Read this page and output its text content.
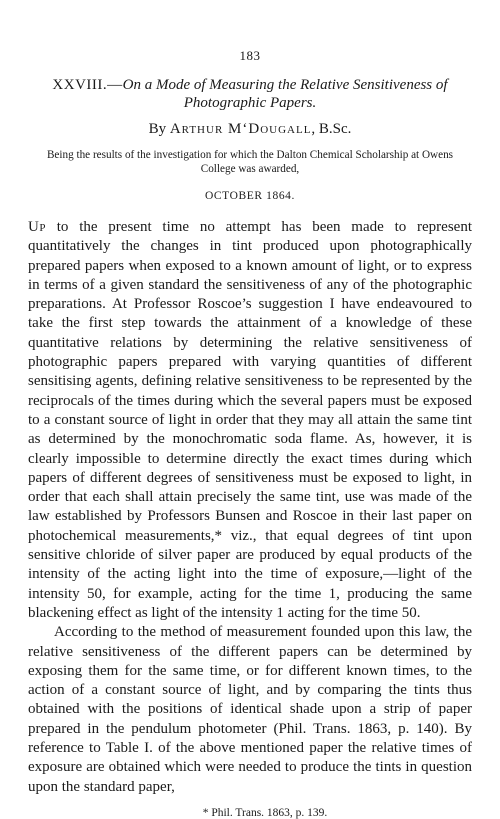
183
XXVIII.—On a Mode of Measuring the Relative Sensitiveness of
Photographic Papers.
By Arthur M‘Dougall, B.Sc.
Being the results of the investigation for which the Dalton Chemical Scholarship at Owens College was awarded,
OCTOBER 1864.

Up to the present time no attempt has been made to represent quantitatively the changes in tint produced upon photographically prepared papers when exposed to a known amount of light, or to express in terms of a given standard the sensitiveness of any of the photographic preparations. At Professor Roscoe’s suggestion I have endeavoured to take the first step towards the attainment of a knowledge of these quantitative relations by determining the relative sensitiveness of photographic papers prepared with varying quantities of different sensitising agents, defining relative sensitiveness to be represented by the reciprocals of the times during which the several papers must be exposed to a constant source of light in order that they may all attain the same tint as determined by the monochromatic soda flame. As, however, it is clearly impossible to determine directly the exact times during which papers of different degrees of sensitiveness must be exposed to light, in order that each shall attain precisely the same tint, use was made of the law established by Professors Bunsen and Roscoe in their last paper on photochemical measurements,* viz., that equal degrees of tint upon sensitive chloride of silver paper are produced by equal products of the intensity of the acting light into the time of exposure,—light of the intensity 50, for example, acting for the time 1, producing the same blackening effect as light of the intensity 1 acting for the time 50.

According to the method of measurement founded upon this law, the relative sensitiveness of the different papers can be determined by exposing them for the same time, or for different known times, to the action of a constant source of light, and by comparing the tints thus obtained with the positions of identical shade upon a strip of paper prepared in the pendulum photometer (Phil. Trans. 1863, p. 140). By reference to Table I. of the above mentioned paper the relative times of exposure are obtained which were needed to produce the tints in question upon the standard paper,

* Phil. Trans. 1863, p. 139.
